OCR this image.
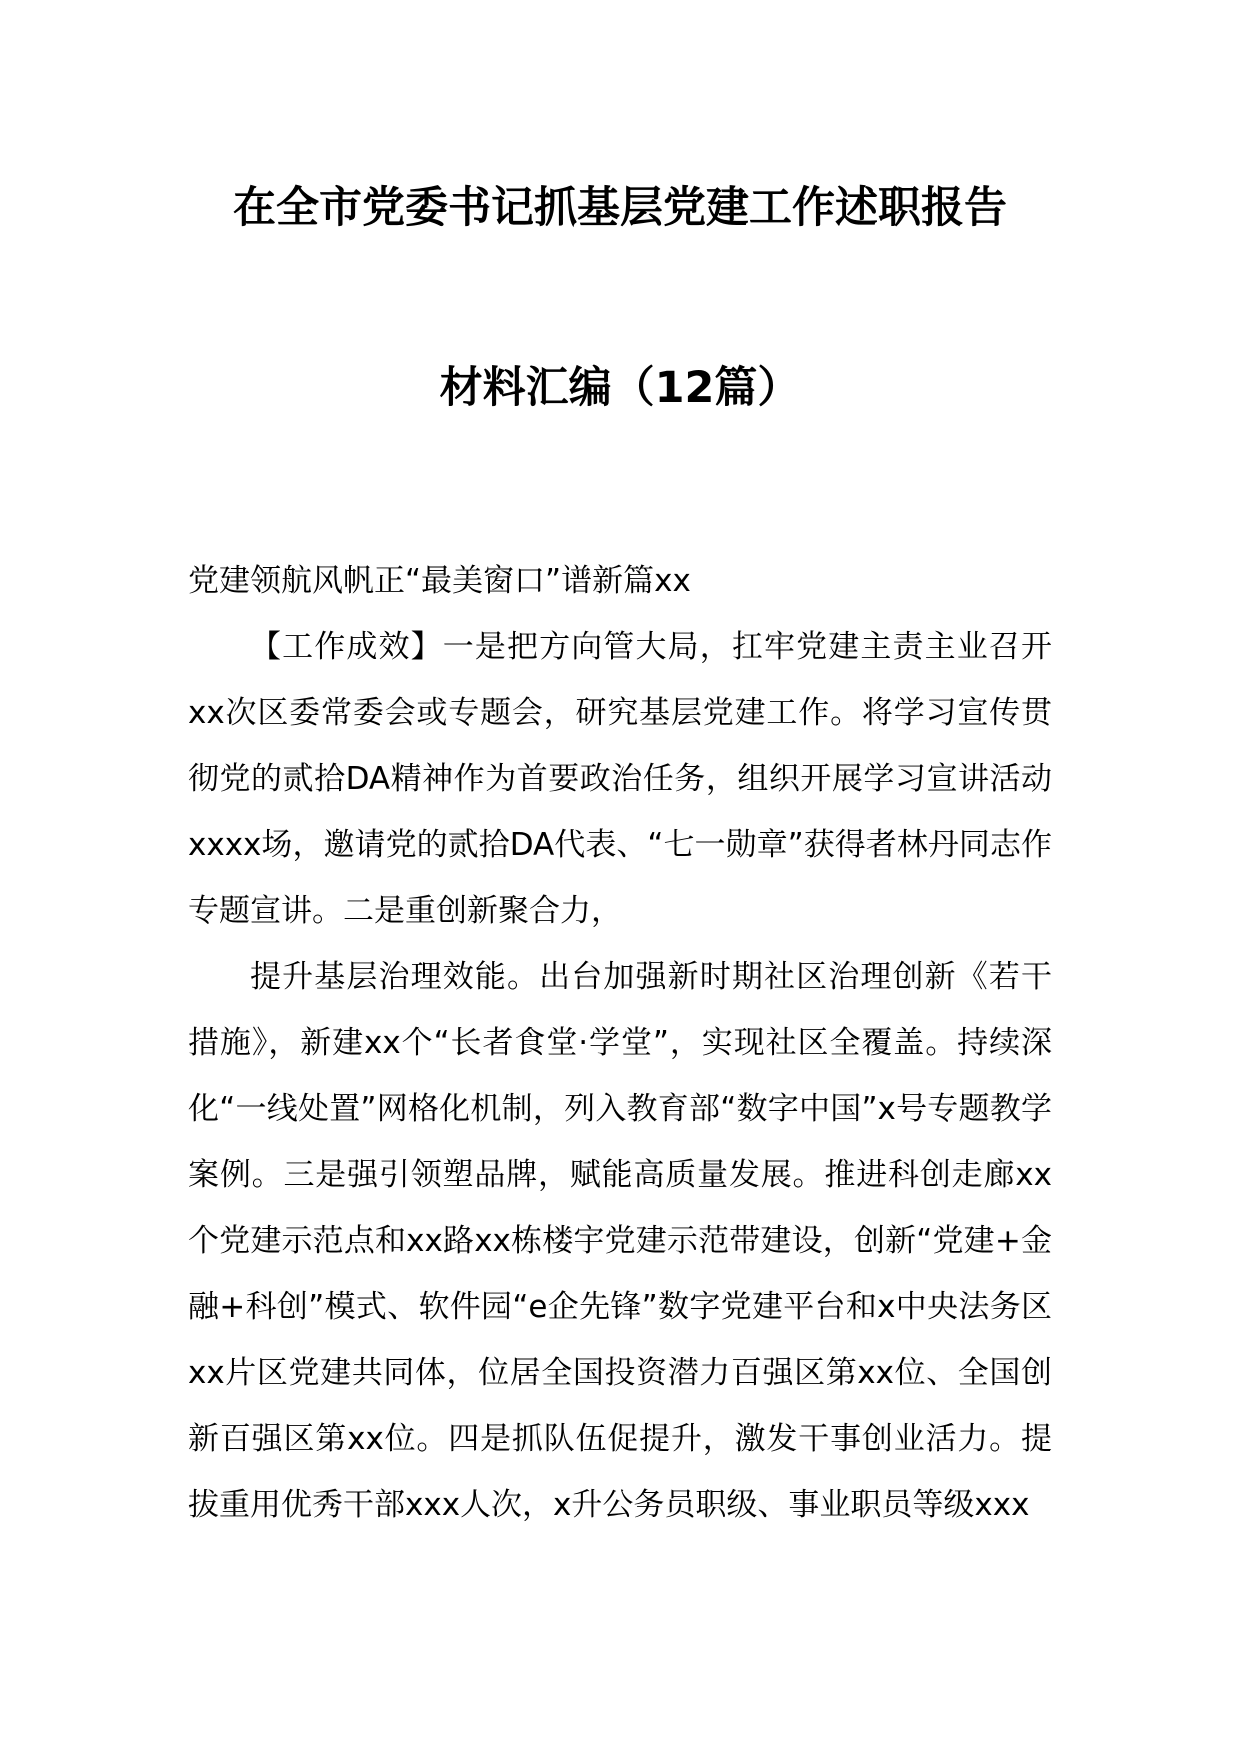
在全市党委书记抓基层党建工作述职报告
材料汇编（12篇）
党建领航风帆正“最美窗口”谱新篇xx

【工作成效】一是把方向管大局，扛牢党建主责主业召开xx次区委常委会或专题会，研究基层党建工作。将学习宣传贯彻党的贰拾DA精神作为首要政治任务，组织开展学习宣讲活动xxxx场，邀请党的贰拾DA代表、“七一勋章”获得者林丹同志作专题宣讲。二是重创新聚合力，

提升基层治理效能。出台加强新时期社区治理创新《若干措施》，新建xx个“长者食堂·学堂”，实现社区全覆盖。持续深化“一线处置”网格化机制，列入教育部“数字中国”x号专题教学案例。三是强引领塑品牌，赋能高质量发展。推进科创走廊xx个党建示范点和xx路xx栋楼宇党建示范带建设，创新“党建+金融+科创”模式、软件园“e企先锋”数字党建平台和x中央法务区xx片区党建共同体，位居全国投资潜力百强区第xx位、全国创新百强区第xx位。四是抓队伍促提升，激发干事创业活力。提拔重用优秀干部xxx人次，x升公务员职级、事业职员等级xxx
